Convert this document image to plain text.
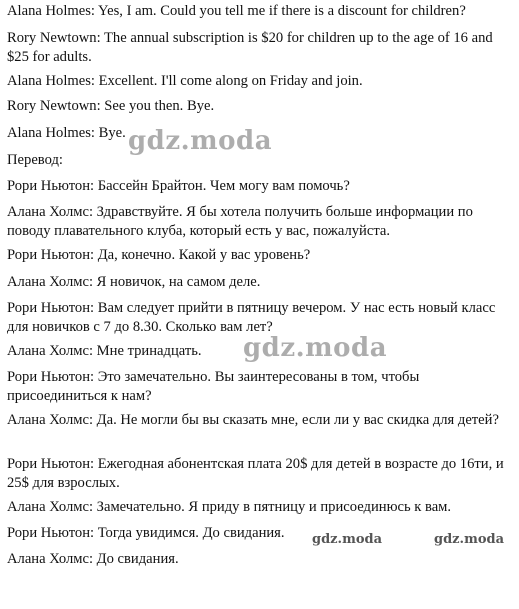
Alana Holmes: Yes, I am. Could you tell me if there is a discount for children?
Rory Newtown: The annual subscription is $20 for children up to the age of 16 and $25 for adults.
Alana Holmes: Excellent. I'll come along on Friday and join.
Rory Newtown: See you then. Bye.
Alana Holmes: Bye.
Перевод:
Рори Ньютон: Бассейн Брайтон. Чем могу вам помочь?
Алана Холмс: Здравствуйте. Я бы хотела получить больше информации по поводу плавательного клуба, который есть у вас, пожалуйста.
Рори Ньютон: Да, конечно. Какой у вас уровень?
Алана Холмс: Я новичок, на самом деле.
Рори Ньютон: Вам следует прийти в пятницу вечером. У нас есть новый класс для новичков с 7 до 8.30. Сколько вам лет?
Алана Холмс: Мне тринадцать.
Рори Ньютон: Это замечательно. Вы заинтересованы в том, чтобы присоединиться к нам?
Алана Холмс: Да. Не могли бы вы сказать мне, если ли у вас скидка для детей?
Рори Ньютон: Ежегодная абонентская плата 20$ для детей в возрасте до 16ти, и 25$ для взрослых.
Алана Холмс: Замечательно. Я приду в пятницу и присоединюсь к вам.
Рори Ньютон: Тогда увидимся. До свидания.
Алана Холмс: До свидания.
gdz.moda
gdz.moda
gdz.moda	gdz.moda
